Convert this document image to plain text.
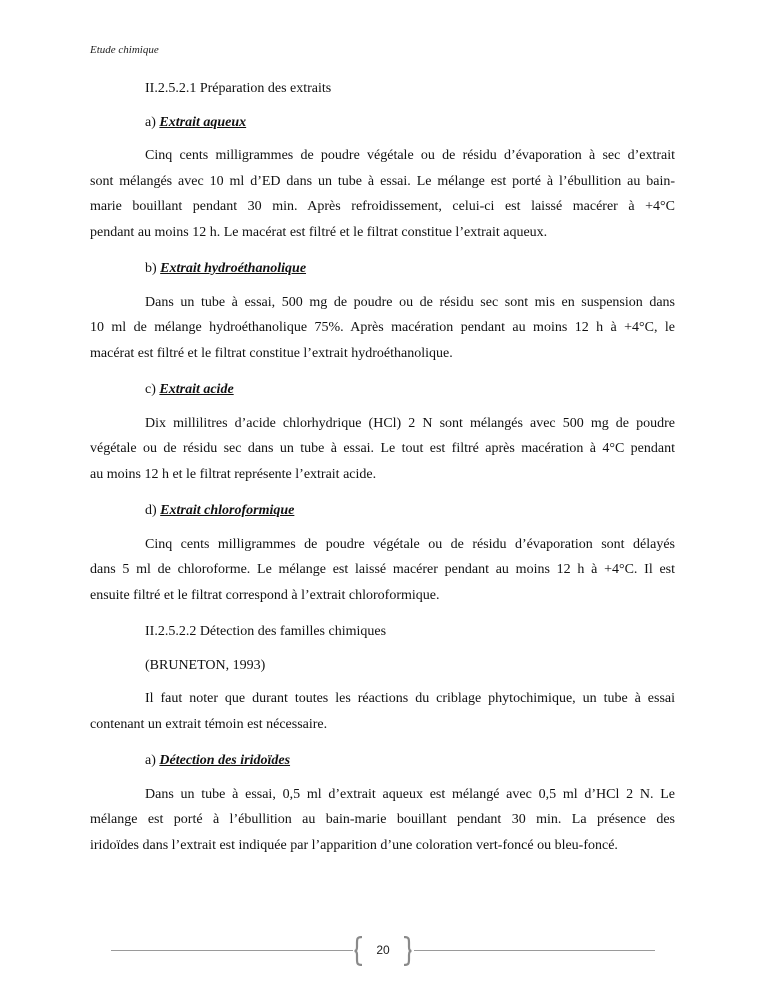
Etude chimique

II.2.5.2.1 Préparation des extraits

a) Extrait aqueux

Cinq cents milligrammes de poudre végétale ou de résidu d’évaporation à sec d’extrait

sont mélangés avec 10 ml d’ED dans un tube à essai. Le mélange est porté à l’ébullition au bain-

marie bouillant pendant 30 min. Après refroidissement, celui-ci est laissé macérer à +4°C

pendant au moins 12 h. Le macérat est filtré et le filtrat constitue l’extrait aqueux.

b) Extrait hydroéthanolique

Dans un tube à essai, 500 mg de poudre ou de résidu sec sont mis en suspension dans

10 ml de mélange hydroéthanolique 75%. Après macération pendant au moins 12 h à +4°C, le

macérat est filtré et le filtrat constitue l’extrait hydroéthanolique.

c) Extrait acide

Dix millilitres d’acide chlorhydrique (HCl) 2 N sont mélangés avec 500 mg de poudre

végétale ou de résidu sec dans un tube à essai. Le tout est filtré après macération à 4°C pendant

au moins 12 h et le filtrat représente l’extrait acide.

d) Extrait chloroformique

Cinq cents milligrammes de poudre végétale ou de résidu d’évaporation sont délayés

dans 5 ml de chloroforme. Le mélange est laissé macérer pendant au moins 12 h à +4°C. Il est

ensuite filtré et le filtrat correspond à l’extrait chloroformique.

II.2.5.2.2 Détection des familles chimiques

(BRUNETON, 1993)

Il faut noter que durant toutes les réactions du criblage phytochimique, un tube à essai

contenant un extrait témoin est nécessaire.

a) Détection des iridoïdes

Dans un tube à essai, 0,5 ml d’extrait aqueux est mélangé avec 0,5 ml d’HCl 2 N. Le

mélange est porté à l’ébullition au bain-marie bouillant pendant 30 min. La présence des

iridoïdes dans l’extrait est indiquée par l’apparition d’une coloration vert-foncé ou bleu-foncé.

20
